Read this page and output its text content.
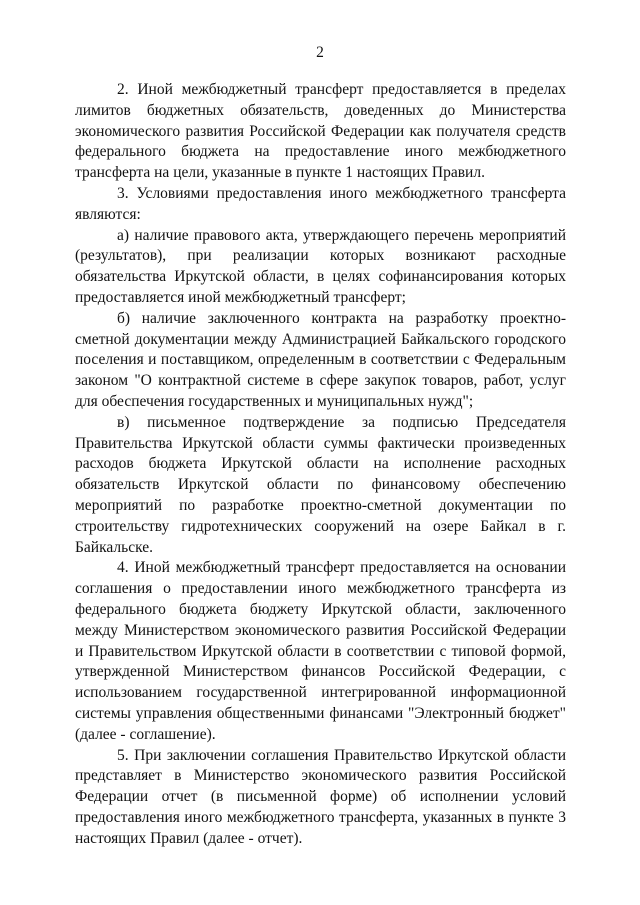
2

2. Иной межбюджетный трансферт предоставляется в пределах лимитов бюджетных обязательств, доведенных до Министерства экономического развития Российской Федерации как получателя средств федерального бюджета на предоставление иного межбюджетного трансферта на цели, указанные в пункте 1 настоящих Правил.

3. Условиями предоставления иного межбюджетного трансферта являются:

а) наличие правового акта, утверждающего перечень мероприятий (результатов), при реализации которых возникают расходные обязательства Иркутской области, в целях софинансирования которых предоставляется иной межбюджетный трансферт;

б) наличие заключенного контракта на разработку проектно-сметной документации между Администрацией Байкальского городского поселения и поставщиком, определенным в соответствии с Федеральным законом "О контрактной системе в сфере закупок товаров, работ, услуг для обеспечения государственных и муниципальных нужд";

в) письменное подтверждение за подписью Председателя Правительства Иркутской области суммы фактически произведенных расходов бюджета Иркутской области на исполнение расходных обязательств Иркутской области по финансовому обеспечению мероприятий по разработке проектно-сметной документации по строительству гидротехнических сооружений на озере Байкал в г. Байкальске.

4. Иной межбюджетный трансферт предоставляется на основании соглашения о предоставлении иного межбюджетного трансферта из федерального бюджета бюджету Иркутской области, заключенного между Министерством экономического развития Российской Федерации и Правительством Иркутской области в соответствии с типовой формой, утвержденной Министерством финансов Российской Федерации, с использованием государственной интегрированной информационной системы управления общественными финансами "Электронный бюджет" (далее - соглашение).

5. При заключении соглашения Правительство Иркутской области представляет в Министерство экономического развития Российской Федерации отчет (в письменной форме) об исполнении условий предоставления иного межбюджетного трансферта, указанных в пункте 3 настоящих Правил (далее - отчет).
